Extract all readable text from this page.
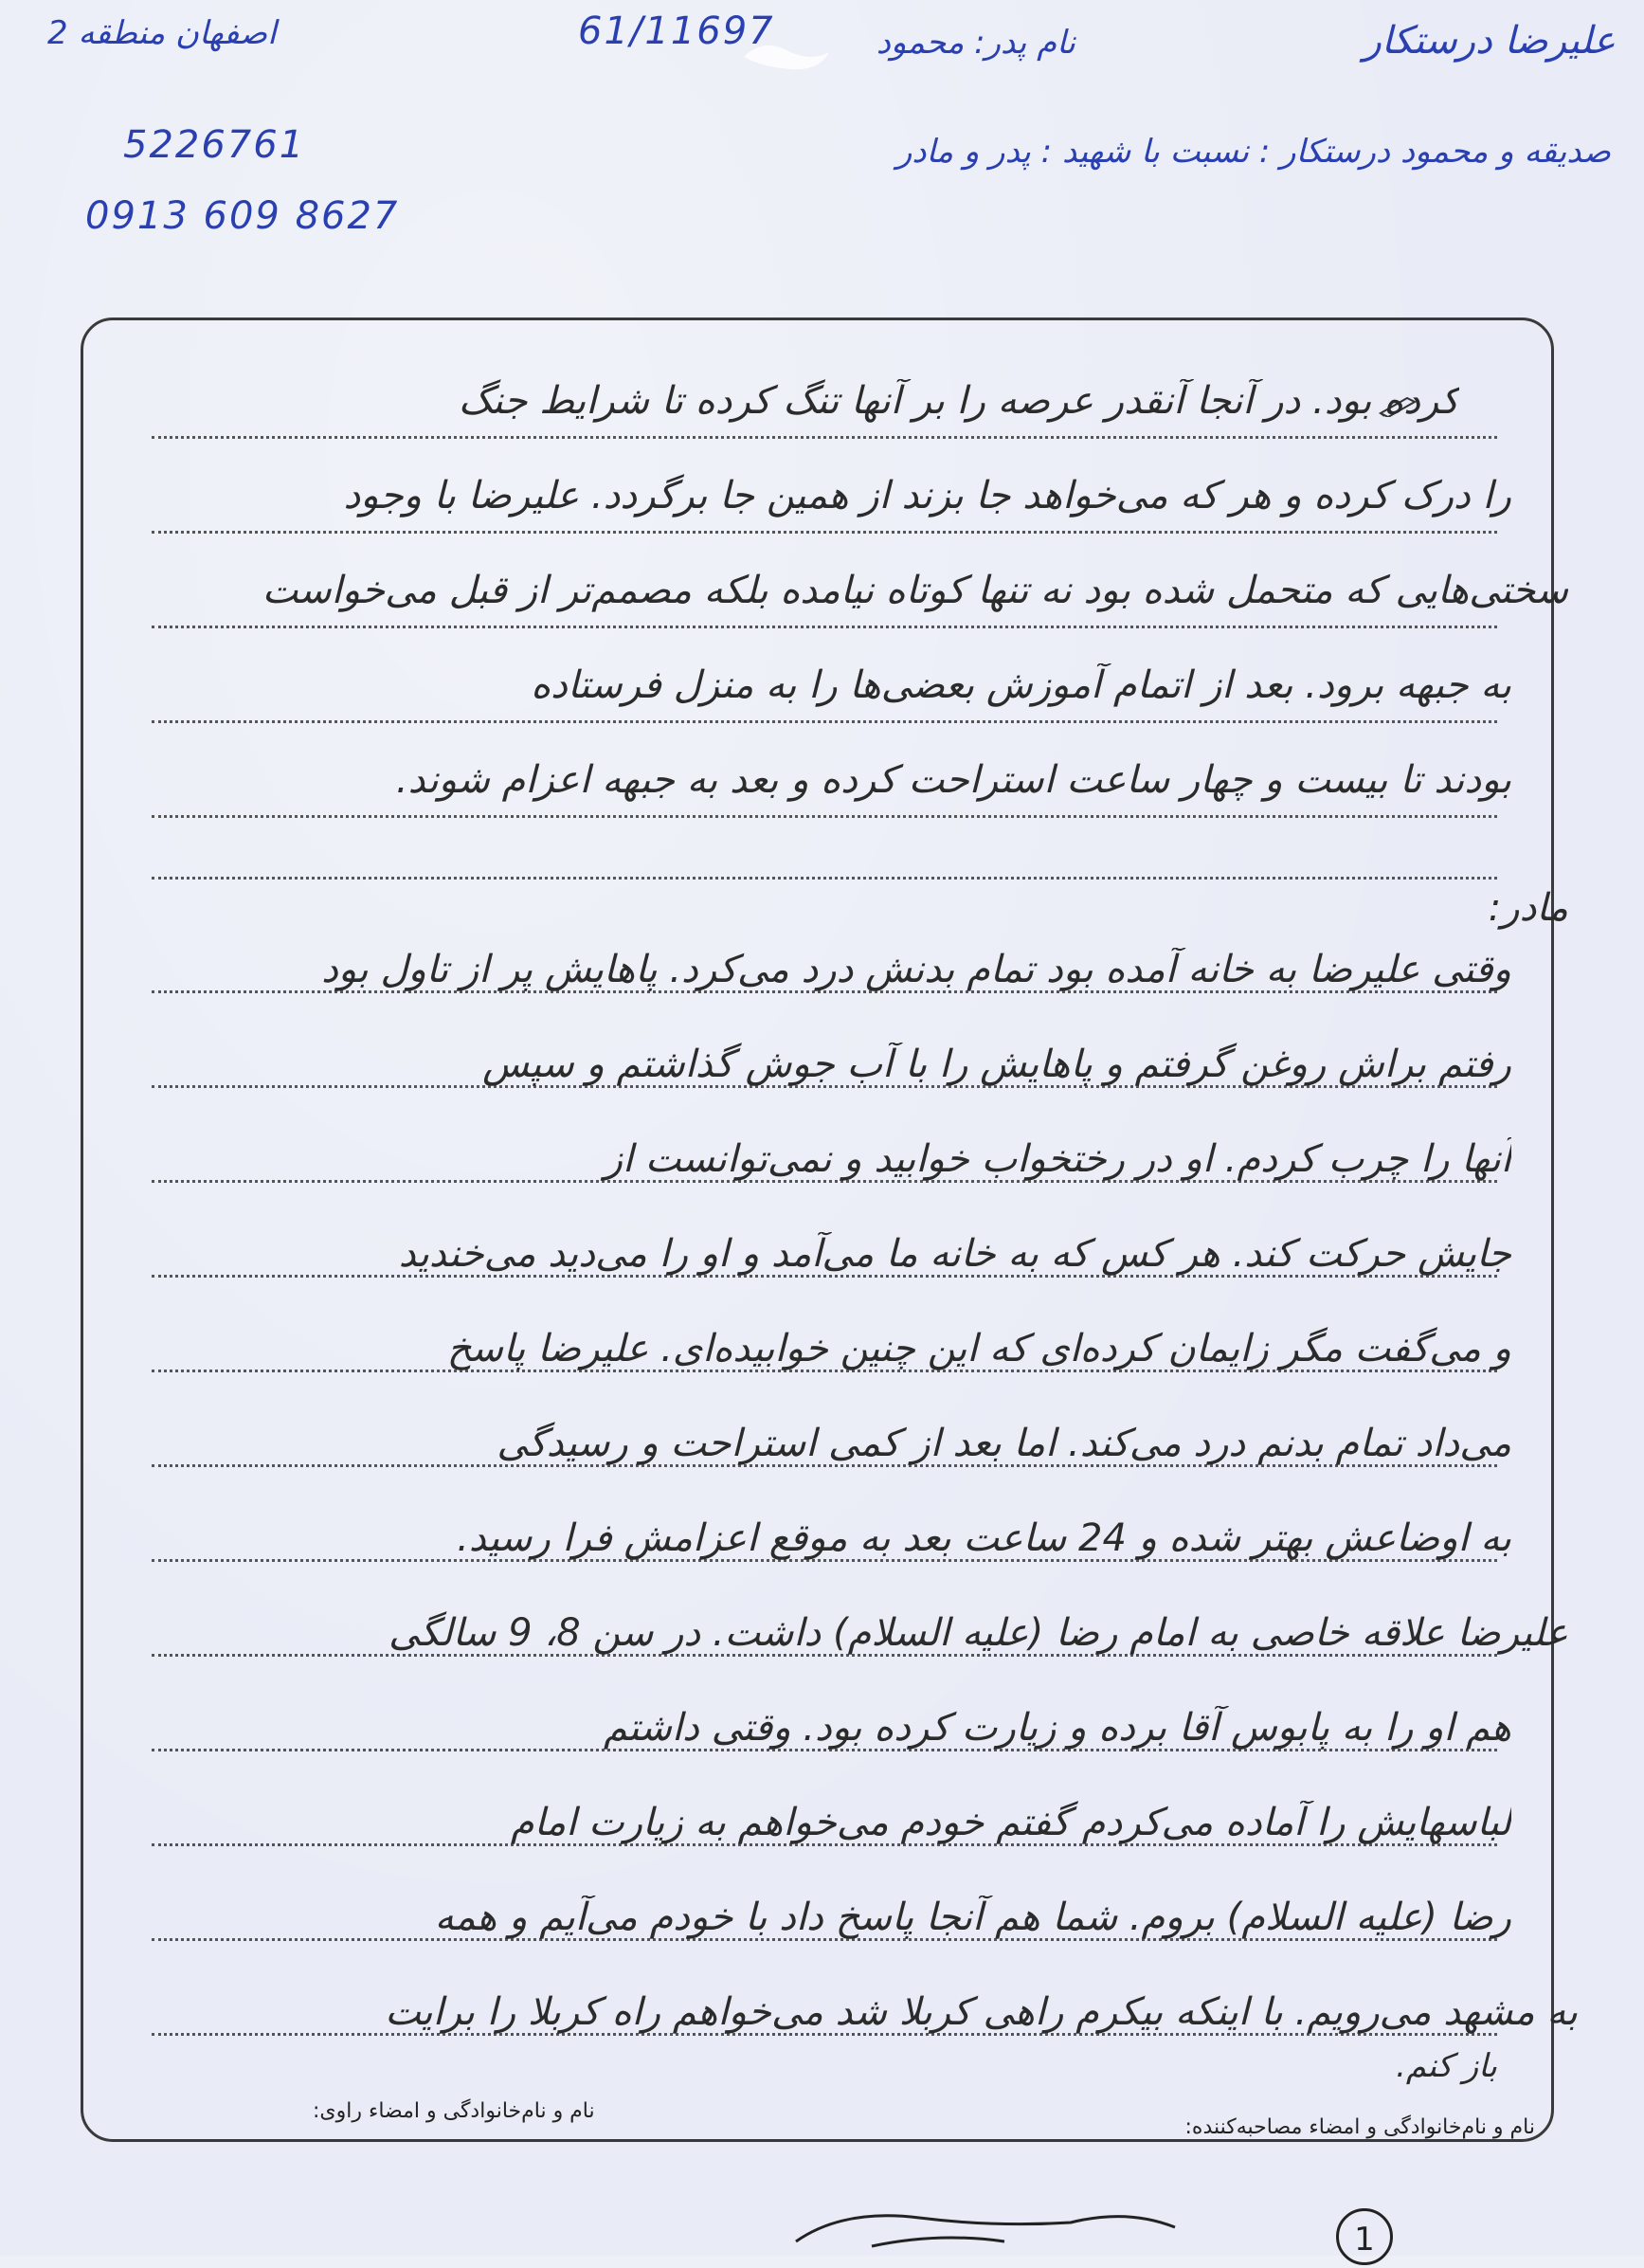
علیرضا درستکار
نام پدر: محمود
61/11697
اصفهان منطقه 2
صدیقه و محمود درستکار : نسبت با شهید : پدر و مادر
5226761
0913 609 8627
کرده بود. در آنجا آنقدر عرصه را بر آنها تنگ کرده تا شرایط جنگ
را درک کرده و هر که می‌خواهد جا بزند از همین جا برگردد. علیرضا با وجود
سختی‌هایی که متحمل شده بود نه تنها کوتاه نیامده بلکه مصمم‌تر از قبل می‌خواست
به جبهه برود. بعد از اتمام آموزش بعضی‌ها را به منزل فرستاده
بودند تا بیست و چهار ساعت استراحت کرده و بعد به جبهه اعزام شوند.
مادر:
وقتی علیرضا به خانه آمده بود تمام بدنش درد می‌کرد. پاهایش پر از تاول بود
رفتم براش روغن گرفتم و پاهایش را با آب جوش گذاشتم و سپس
آنها را چرب کردم. او در رختخواب خوابید و نمی‌توانست از
جایش حرکت کند. هر کس که به خانه ما می‌آمد و او را می‌دید می‌خندید
و می‌گفت مگر زایمان کرده‌ای که این چنین خوابیده‌ای. علیرضا پاسخ
می‌داد تمام بدنم درد می‌کند. اما بعد از کمی استراحت و رسیدگی
به اوضاعش بهتر شده و 24 ساعت بعد به موقع اعزامش فرا رسید.
علیرضا علاقه خاصی به امام رضا (علیه السلام) داشت. در سن 8، 9 سالگی
هم او را به پابوس آقا برده و زیارت کرده بود. وقتی داشتم
لباسهایش را آماده می‌کردم گفتم خودم می‌خواهم به زیارت امام
رضا (علیه السلام) بروم. شما هم آنجا پاسخ داد با خودم می‌آیم و همه
به مشهد می‌رویم. با اینکه بیکرم راهی کربلا شد می‌خواهم راه کربلا را برایت
باز کنم.
نام و نام‌خانوادگی و امضاء راوی:
نام و نام‌خانوادگی و امضاء مصاحبه‌کننده:
1
